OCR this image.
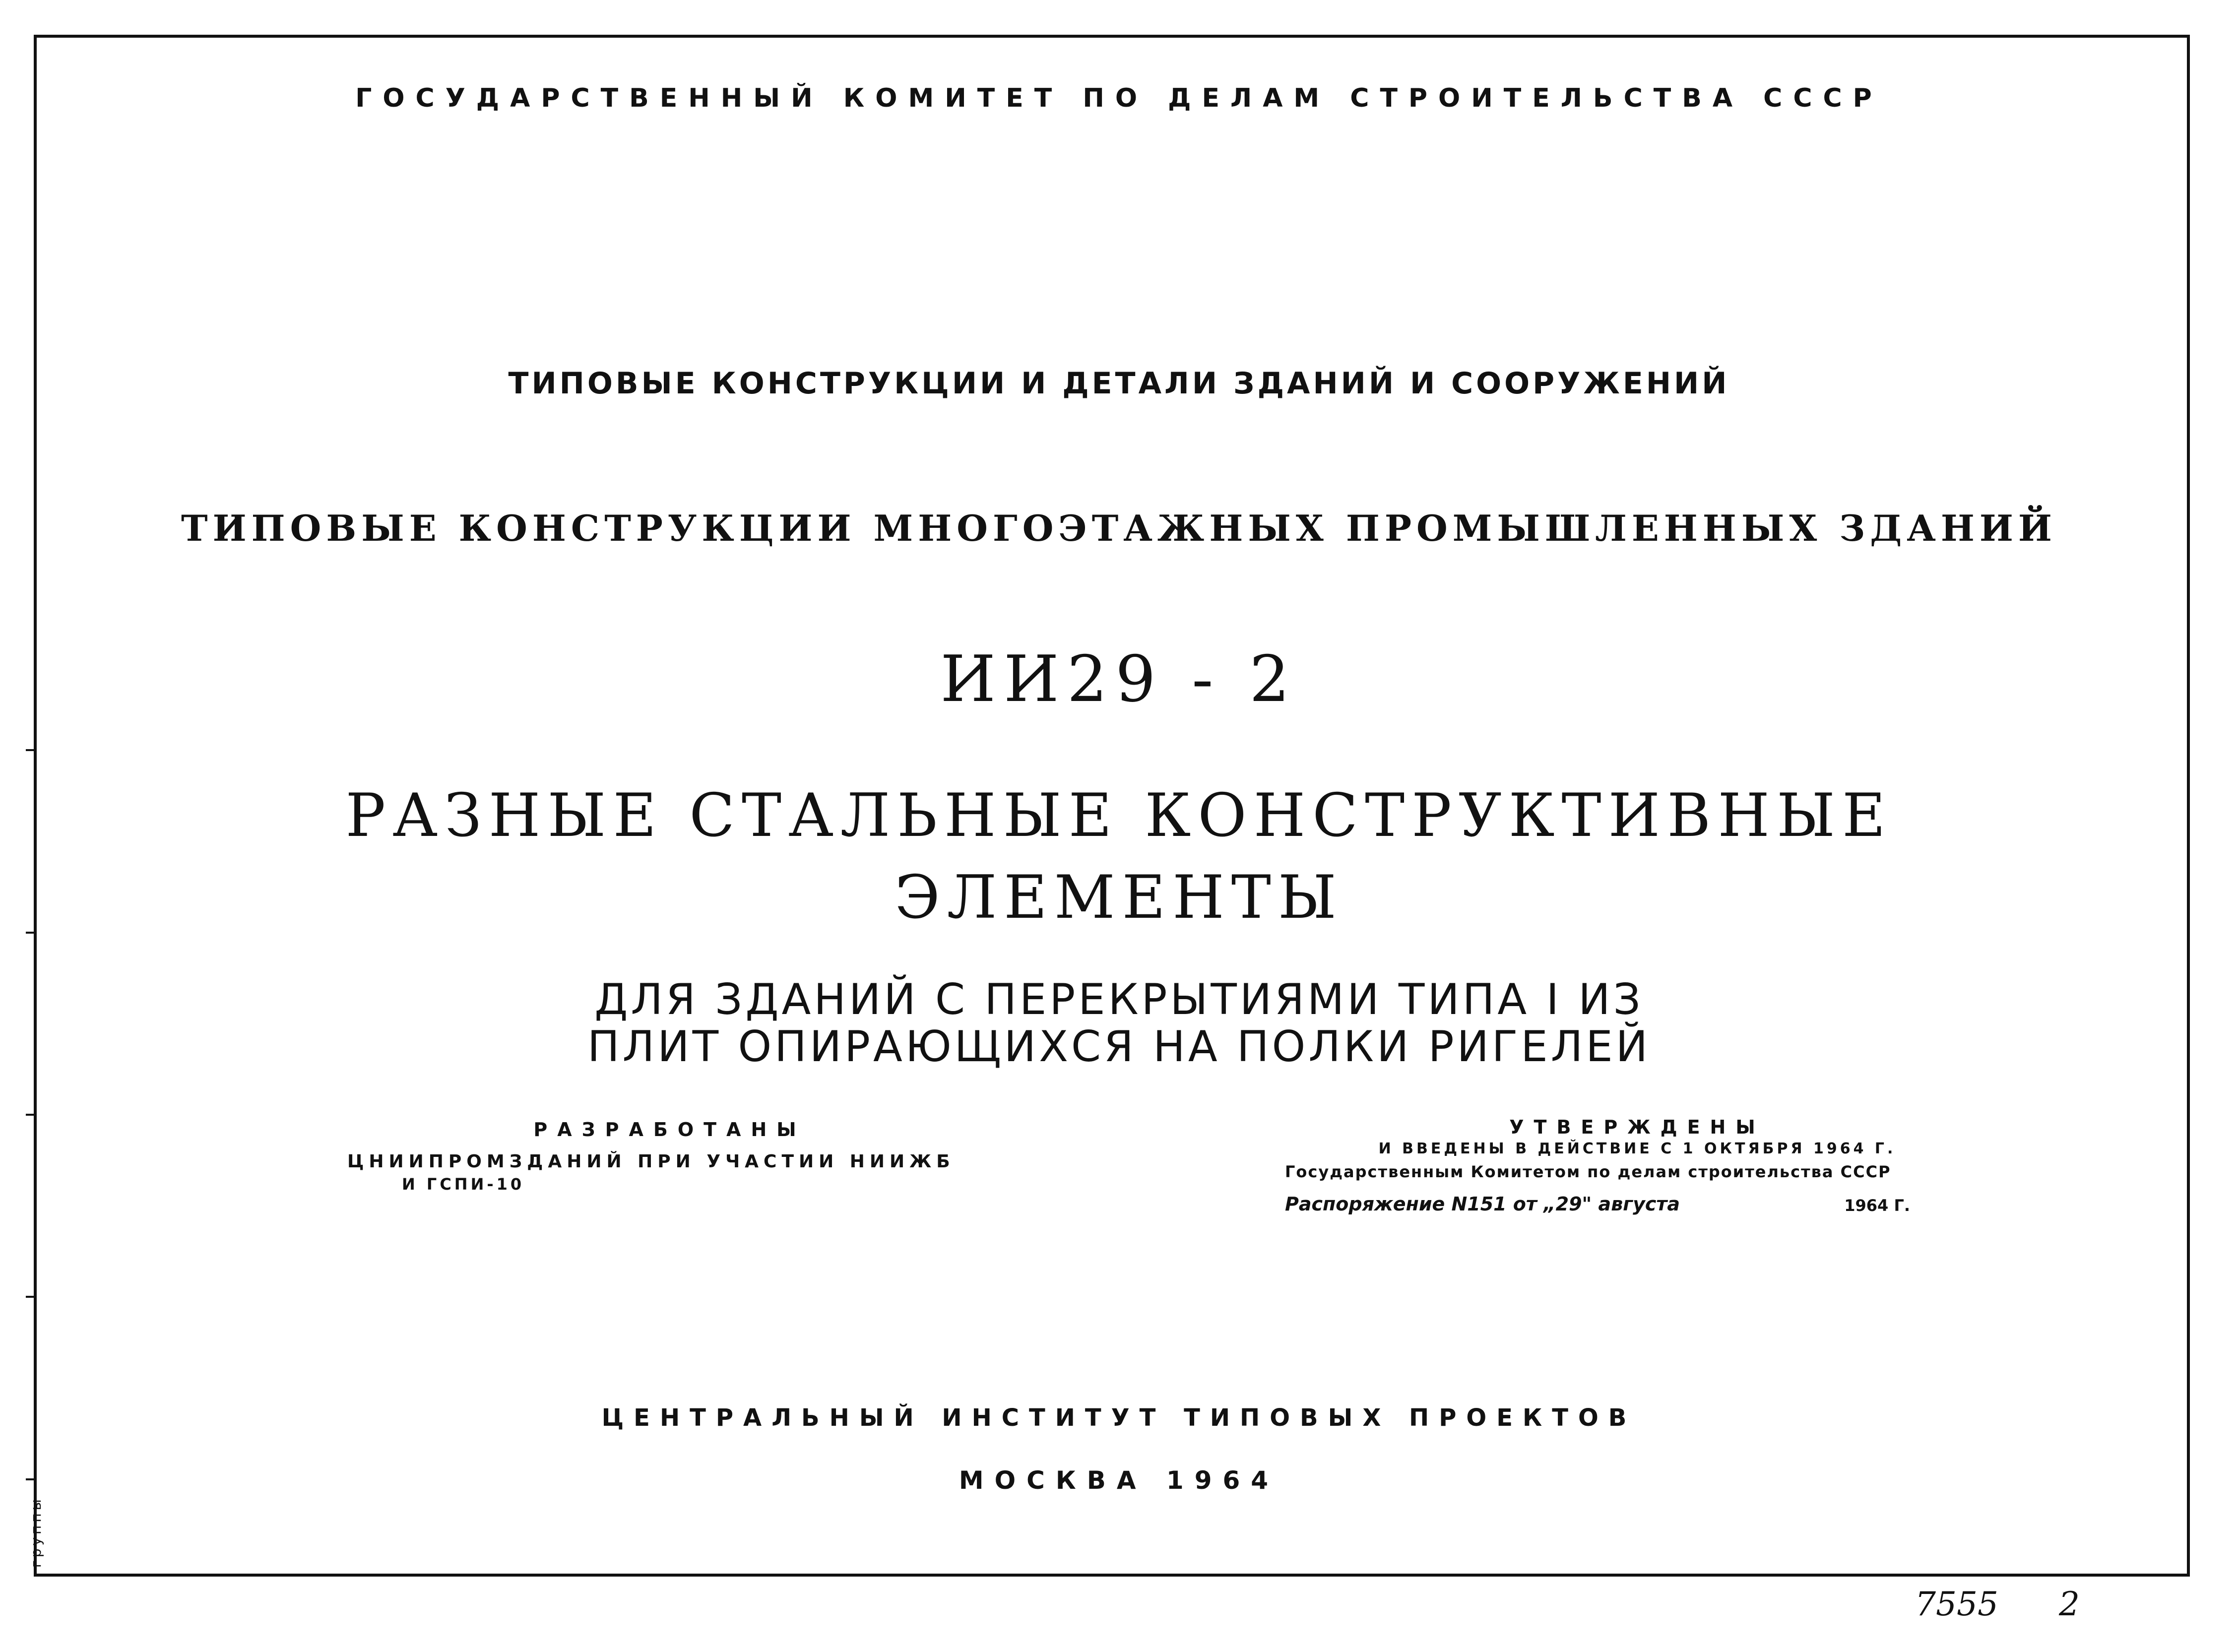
группы
ГОСУДАРСТВЕННЫЙ КОМИТЕТ ПО ДЕЛАМ СТРОИТЕЛЬСТВА СССР
ТИПОВЫЕ КОНСТРУКЦИИ И ДЕТАЛИ ЗДАНИЙ И СООРУЖЕНИЙ
ТИПОВЫЕ КОНСТРУКЦИИ МНОГОЭТАЖНЫХ ПРОМЫШЛЕННЫХ ЗДАНИЙ
ИИ29 - 2
РАЗНЫЕ СТАЛЬНЫЕ КОНСТРУКТИВНЫЕ
ЭЛЕМЕНТЫ
ДЛЯ ЗДАНИЙ С ПЕРЕКРЫТИЯМИ ТИПА I ИЗ
ПЛИТ ОПИРАЮЩИХСЯ НА ПОЛКИ РИГЕЛЕЙ
РАЗРАБОТАНЫ
ЦНИИПРОМЗДАНИЙ ПРИ УЧАСТИИ НИИЖБ
И ГСПИ-10
УТВЕРЖДЕНЫ
И ВВЕДЕНЫ В ДЕЙСТВИЕ С 1 ОКТЯБРЯ 1964 Г.
Государственным Комитетом по делам строительства СССР
Распоряжение N151 от „29" августа	1964 Г.
ЦЕНТРАЛЬНЫЙ ИНСТИТУТ ТИПОВЫХ ПРОЕКТОВ
МОСКВА 1964
7555 2
